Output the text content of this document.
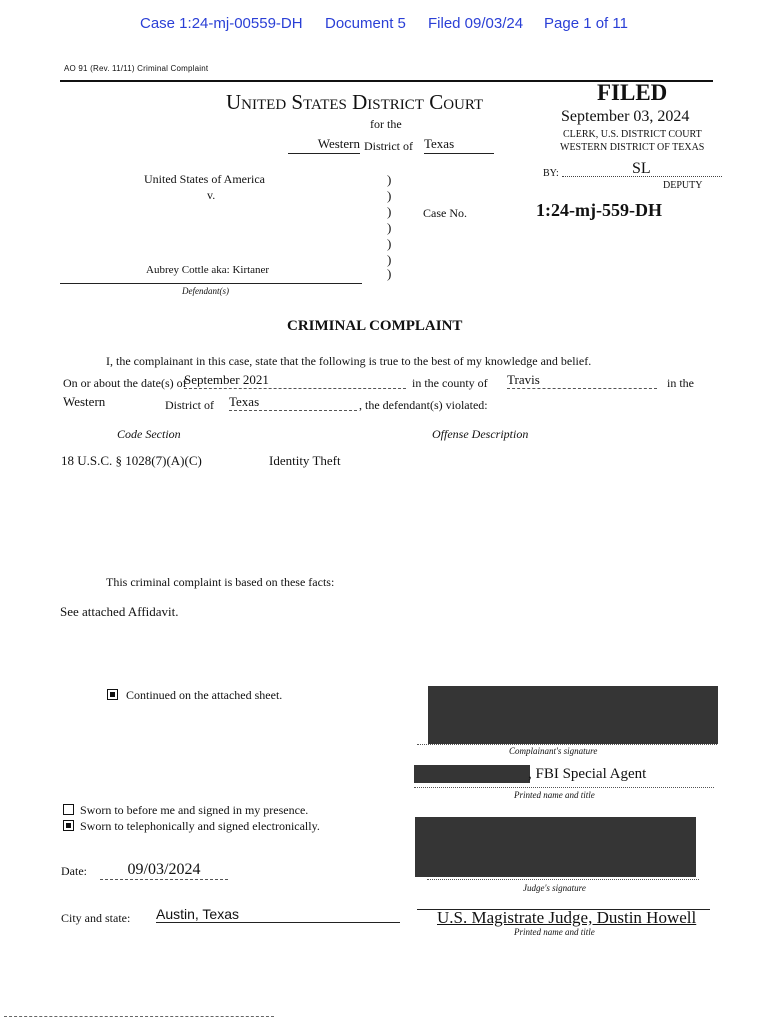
Case 1:24-mj-00559-DH Document 5 Filed 09/03/24 Page 1 of 11
AO 91 (Rev. 11/11) Criminal Complaint
United States District Court
for the
Western District of Texas
FILED
September 03, 2024
CLERK, U.S. DISTRICT COURT
WESTERN DISTRICT OF TEXAS
BY:	SL
DEPUTY
United States of America
v.
Aubrey Cottle aka: Kirtaner
Defendant(s)
)
)
)
)
)
)
)
Case No.	1:24-mj-559-DH
CRIMINAL COMPLAINT
I, the complainant in this case, state that the following is true to the best of my knowledge and belief.
On or about the date(s) of
September 2021	in the county of Travis	in the
Western	District of Texas	, the defendant(s) violated:
Code Section	Offense Description
18 U.S.C. § 1028(7)(A)(C)	Identity Theft
This criminal complaint is based on these facts:
See attached Affidavit.
Continued on the attached sheet.
Complainant's signature
, FBI Special Agent
Printed name and title
Sworn to before me and signed in my presence.
Sworn to telephonically and signed electronically.
Judge's signature
Date:	09/03/2024
City and state: Austin, Texas	U.S. Magistrate Judge, Dustin Howell
Printed name and title
